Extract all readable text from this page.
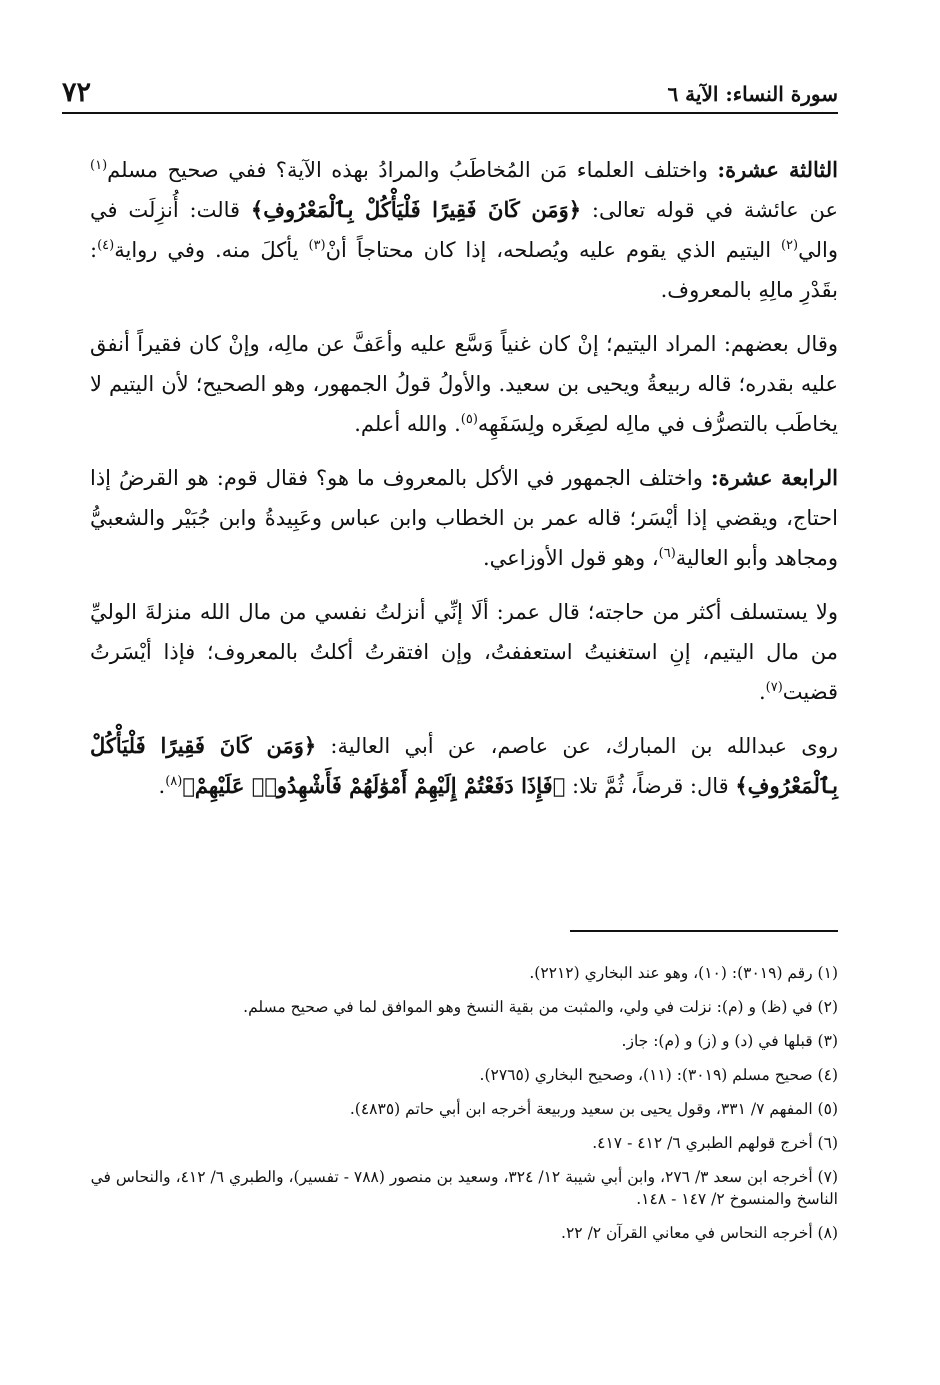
٧٢	سورة النساء: الآية ٦

الثالثة عشرة: واختلف العلماء مَن المُخاطَبُ والمرادُ بهذه الآية؟ ففي صحيح مسلم$^{(١)}$ عن عائشة في قوله تعالى: ﴿وَمَن كَانَ فَقِيرًا فَلْيَأْكُلْ بِٱلْمَعْرُوفِ﴾ قالت: أُنزِلَت في والي$^{(٢)}$ اليتيم الذي يقوم عليه ويُصلحه، إذا كان محتاجاً أنْ$^{(٣)}$ يأكلَ منه. وفي رواية$^{(٤)}$: بقَدْرِ مالِهِ بالمعروف.

وقال بعضهم: المراد اليتيم؛ إنْ كان غنياً وَسَّع عليه وأعَفَّ عن مالِه، وإنْ كان فقيراً أنفق عليه بقدره؛ قاله ربيعةُ ويحيى بن سعيد. والأولُ قولُ الجمهور، وهو الصحيح؛ لأن اليتيم لا يخاطَب بالتصرُّف في مالِه لصِغَره ولِسَفَهِه$^{(٥)}$. والله أعلم.

الرابعة عشرة: واختلف الجمهور في الأكل بالمعروف ما هو؟ فقال قوم: هو القرضُ إذا احتاج، ويقضي إذا أيْسَر؛ قاله عمر بن الخطاب وابن عباس وعَبِيدةُ وابن جُبَيْر والشعبيُّ ومجاهد وأبو العالية$^{(٦)}$، وهو قول الأوزاعي.

ولا يستسلف أكثر من حاجته؛ قال عمر: ألَا إنِّي أنزلتُ نفسي من مال الله منزلةَ الوليِّ من مال اليتيم، إنِ استغنيتُ استعففتُ، وإن افتقرتُ أكلتُ بالمعروف؛ فإذا أيْسَرتُ قضيت$^{(٧)}$.

روى عبدالله بن المبارك، عن عاصم، عن أبي العالية: ﴿وَمَن كَانَ فَقِيرًا فَلْيَأْكُلْ بِٱلْمَعْرُوفِ﴾ قال: قرضاً، ثُمَّ تلا: ﴿فَإِذَا دَفَعْتُمْ إِلَيْهِمْ أَمْوَٰلَهُمْ فَأَشْهِدُوا۟ عَلَيْهِمْ﴾$^{(٨)}$.

(١) رقم (٣٠١٩): (١٠)، وهو عند البخاري (٢٢١٢).
(٢) في (ظ) و (م): نزلت في ولي، والمثبت من بقية النسخ وهو الموافق لما في صحيح مسلم.
(٣) قبلها في (د) و (ز) و (م): جاز.
(٤) صحيح مسلم (٣٠١٩): (١١)، وصحيح البخاري (٢٧٦٥).
(٥) المفهم ٧/ ٣٣١، وقول يحيى بن سعيد وربيعة أخرجه ابن أبي حاتم (٤٨٣٥).
(٦) أخرج قولهم الطبري ٦/ ٤١٢ - ٤١٧.
(٧) أخرجه ابن سعد ٣/ ٢٧٦، وابن أبي شيبة ١٢/ ٣٢٤، وسعيد بن منصور (٧٨٨ - تفسير)، والطبري ٦/ ٤١٢، والنحاس في الناسخ والمنسوخ ٢/ ١٤٧ - ١٤٨.
(٨) أخرجه النحاس في معاني القرآن ٢/ ٢٢.
